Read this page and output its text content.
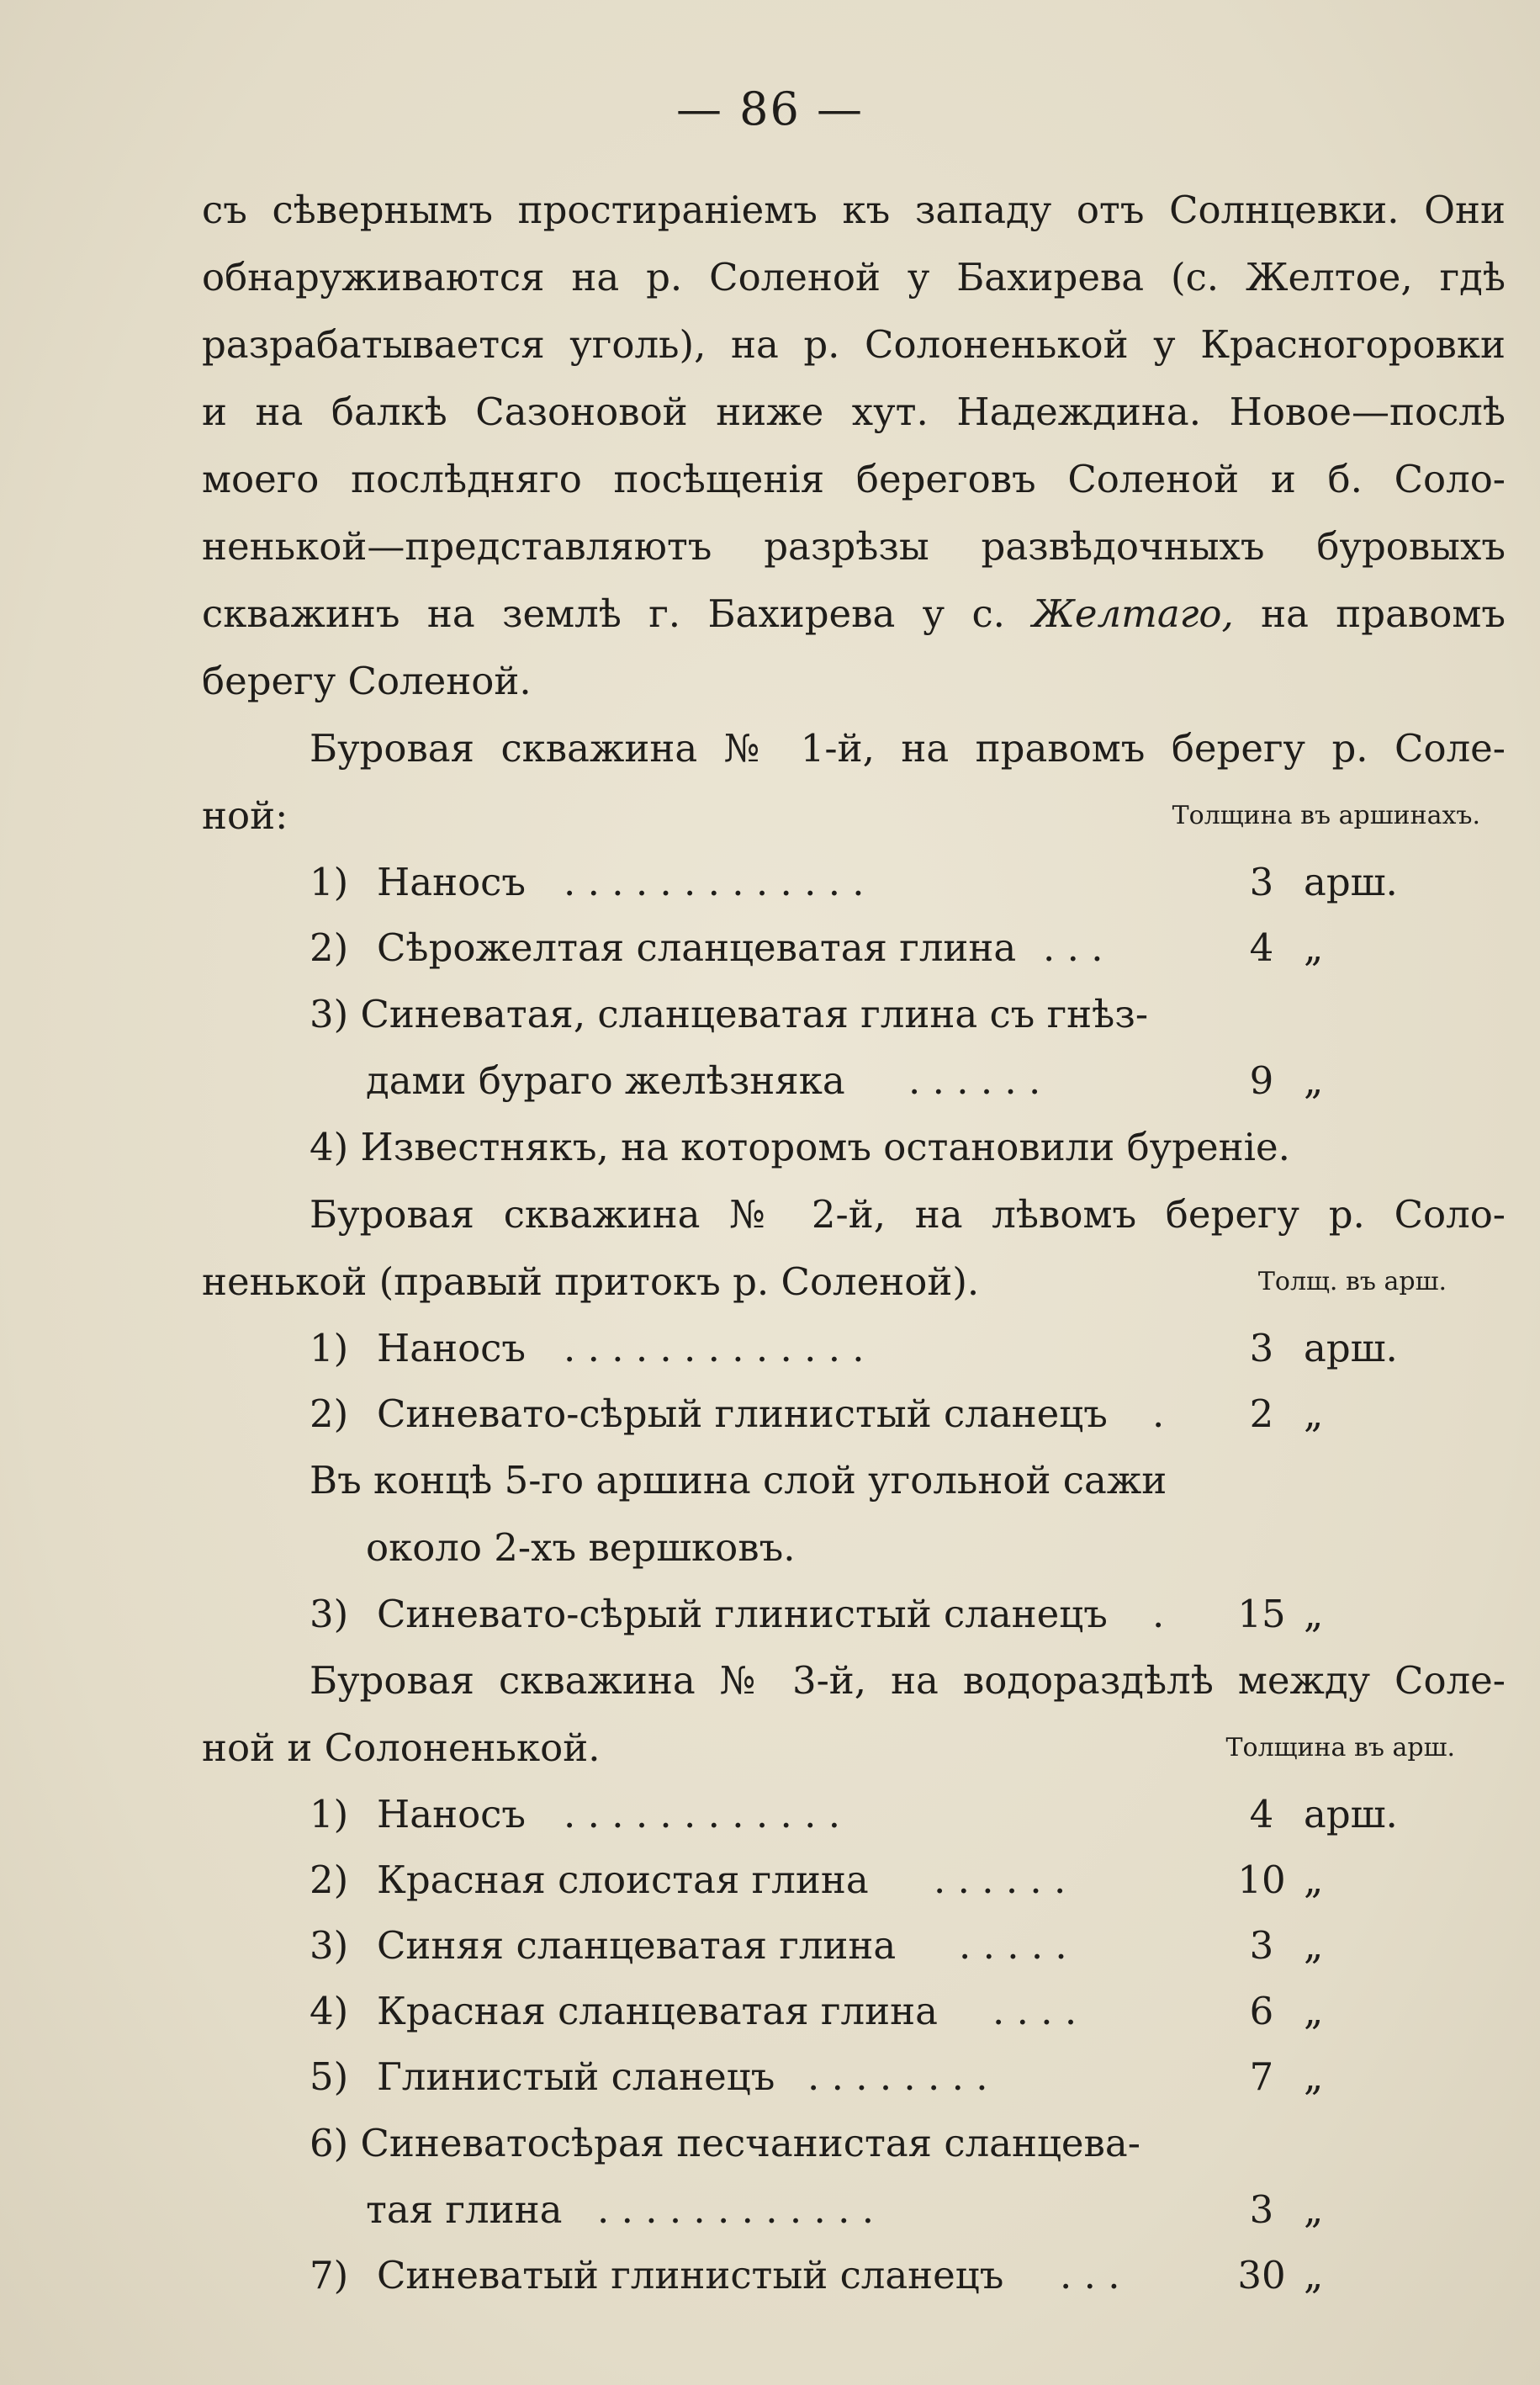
— 86 —
съ сѣвернымъ простираніемъ къ западу отъ Солнцевки. Они
обнаруживаются на р. Соленой у Бахирева (с. Желтое, гдѣ
разрабатывается уголь), на р. Солоненькой у Красногоровки
и на балкѣ Сазоновой ниже хут. Надеждина. Новое—послѣ
моего послѣдняго посѣщенія береговъ Соленой и б. Соло-
ненькой—представляютъ разрѣзы развѣдочныхъ буровыхъ
скважинъ на землѣ г. Бахирева у с. Желтаго, на правомъ
берегу Соленой.
Буровая скважина № 1-й, на правомъ берегу р. Соле-
ной:	Толщина въ аршинахъ.
1) Наносъ . . . . . . . . . . . . .	3 арш.
2) Сѣрожелтая сланцеватая глина . . .	4 „
3) Синеватая, сланцеватая глина съ гнѣз-
дами бураго желѣзняка . . . . . .	9 „
4) Известнякъ, на которомъ остановили буреніе.
Буровая скважина № 2-й, на лѣвомъ берегу р. Соло-
ненькой (правый притокъ р. Соленой).	Толщ. въ арш.
1) Наносъ . . . . . . . . . . . . .	3 арш.
2) Синевато-сѣрый глинистый сланецъ .	2 „
Въ концѣ 5-го аршина слой угольной сажи
около 2-хъ вершковъ.
3) Синевато-сѣрый глинистый сланецъ .	15 „
Буровая скважина № 3-й, на водораздѣлѣ между Соле-
ной и Солоненькой.	Толщина въ арш.
1) Наносъ . . . . . . . . . . . .	4 арш.
2) Красная слоистая глина . . . . . .	10 „
3) Синяя сланцеватая глина . . . . .	3 „
4) Красная сланцеватая глина . . . .	6 „
5) Глинистый сланецъ . . . . . . . .	7 „
6) Синеватосѣрая песчанистая сланцева-
тая глина . . . . . . . . . . . .	3 „
7) Синеватый глинистый сланецъ . . .	30 „
